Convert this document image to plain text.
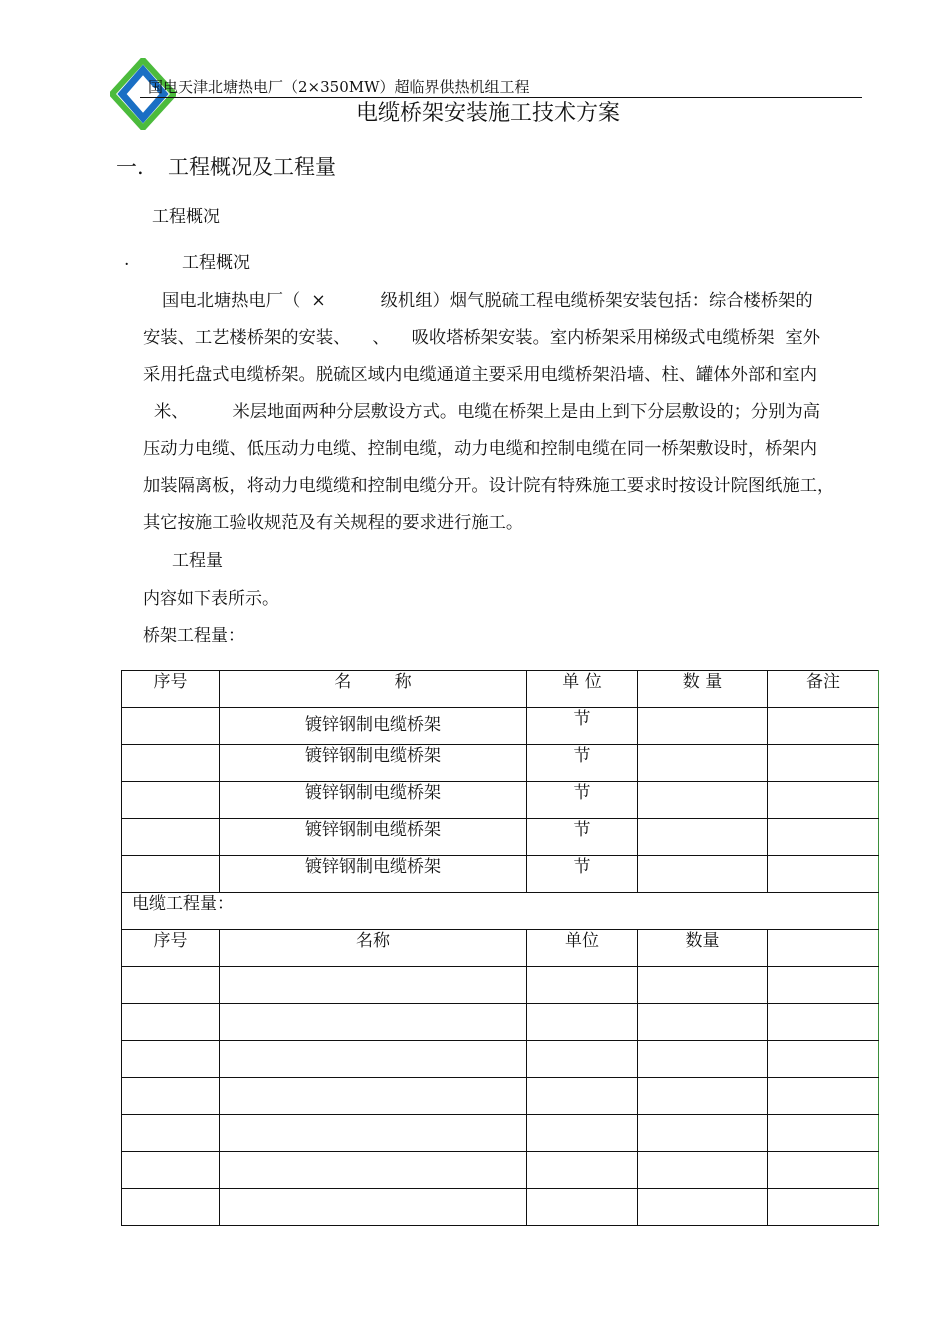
国电天津北塘热电厂（2×350MW）超临界供热机组工程
电缆桥架安装施工技术方案
一. 工程概况及工程量
工程概况
.	工程概况
国电北塘热电厂（  ×          级机组）烟气脱硫工程电缆桥架安装包括：综合楼桥架的
安装、工艺楼桥架的安装、    、    吸收塔桥架安装。室内桥架采用梯级式电缆桥架  室外
采用托盘式电缆桥架。脱硫区域内电缆通道主要采用电缆桥架沿墙、柱、罐体外部和室内
米、        米层地面两种分层敷设方式。电缆在桥架上是由上到下分层敷设的；分别为高
压动力电缆、低压动力电缆、控制电缆，动力电缆和控制电缆在同一桥架敷设时，桥架内
加装隔离板，将动力电缆缆和控制电缆分开。设计院有特殊施工要求时按设计院图纸施工，
其它按施工验收规范及有关规程的要求进行施工。
工程量
内容如下表所示。
桥架工程量：
序号	名        称	单 位	数 量	备注
	镀锌钢制电缆桥架	节		
	镀锌钢制电缆桥架	节		
	镀锌钢制电缆桥架	节		
	镀锌钢制电缆桥架	节		
	镀锌钢制电缆桥架	节		
电缆工程量：				
序号	名称	单位	数量	
